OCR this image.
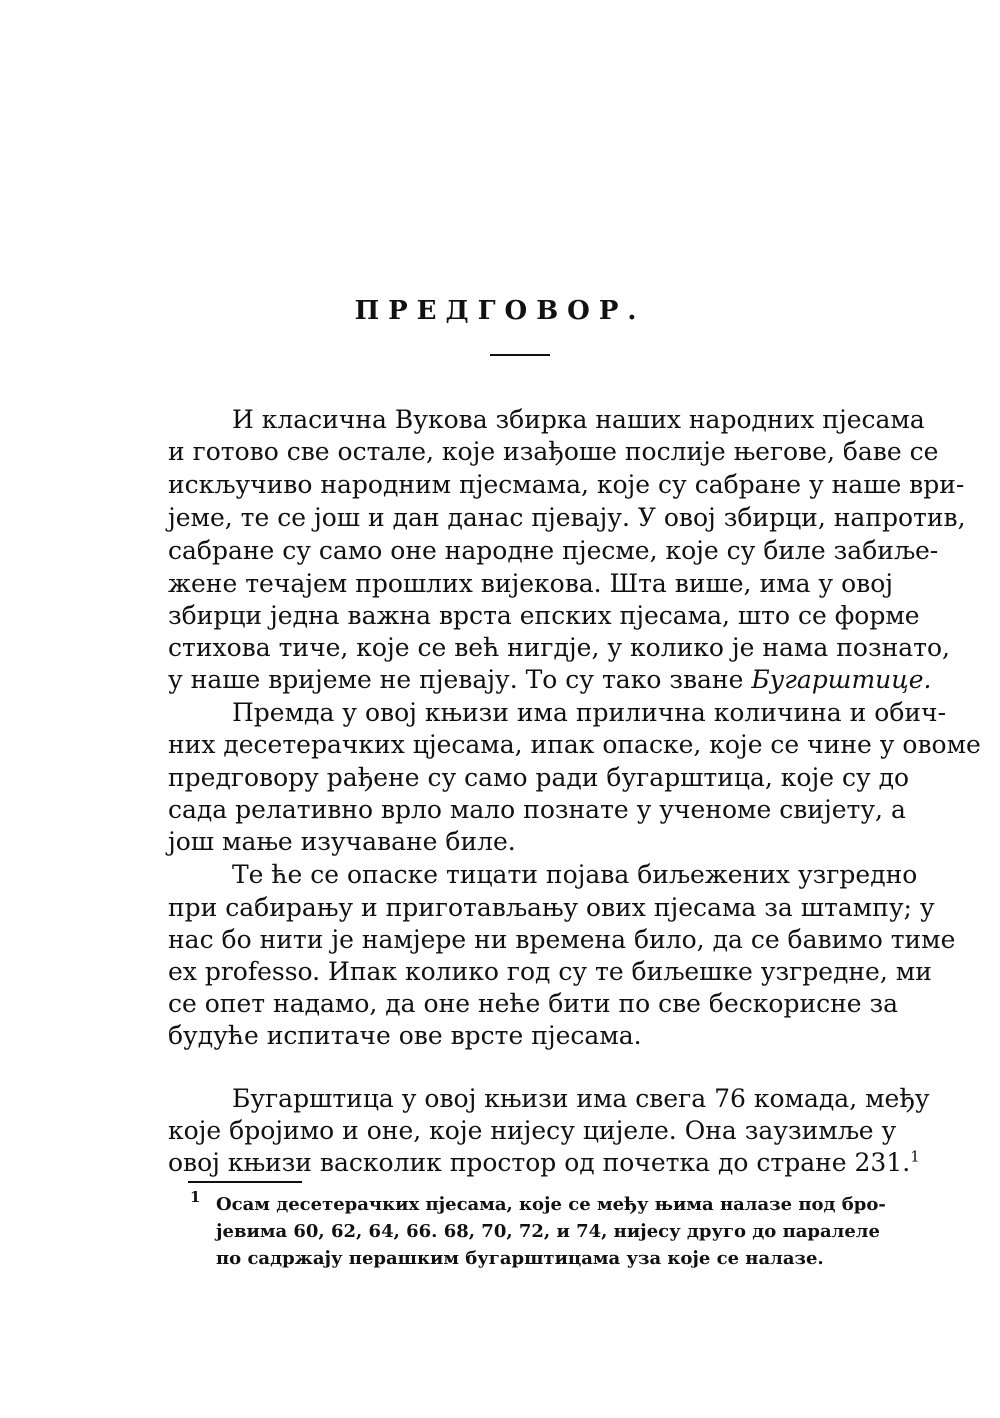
ПРЕДГОВОР.
И класична Вукова збирка наших народних пјесама
и готово све остале, које изађоше послије његове, баве се
искључиво народним пјесмама, које су сабране у наше ври-
јеме, те се још и дан данас пјевају. У овој збирци, напротив,
сабране су само оне народне пјесме, које су биле забиље-
жене течајем прошлих вијекова. Шта више, има у овој
збирци једна важна врста епских пјесама, што се форме
стихова тиче, које се већ нигдје, у колико је нама познато,
у наше вријеме не пјевају. То су тако зване Бугарштице.
Премда у овој књизи има прилична количина и обич-
них десетерачких цјесама, ипак опаске, које се чине у овоме
предговору рађене су само ради бугарштица, које су до
сада релативно врло мало познате у ученоме свијету, а
још мање изучаване биле.
Те ће се опаске тицати појава биљежених узгредно
при сабирању и приготављању ових пјесама за штампу; у
нас бо нити је намјере ни времена било, да се бавимо тиме
ex professo. Ипак колико год су те биљешке узгредне, ми
се опет надамо, да оне неће бити по све бескорисне за
будуће испитаче ове врсте пјесама.
Бугарштица у овој књизи има свега 76 комада, међу
које бројимо и оне, које нијесу цијеле. Она заузимље у
овој књизи васколик простор од почетка до стране 231.$^1$
1 Осам десетерачких пјесама, које се међу њима налазе под бро-
јевима 60, 62, 64, 66. 68, 70, 72, и 74, нијесу друго до паралеле
по садржају перашким бугарштицама уза које се налазе.
